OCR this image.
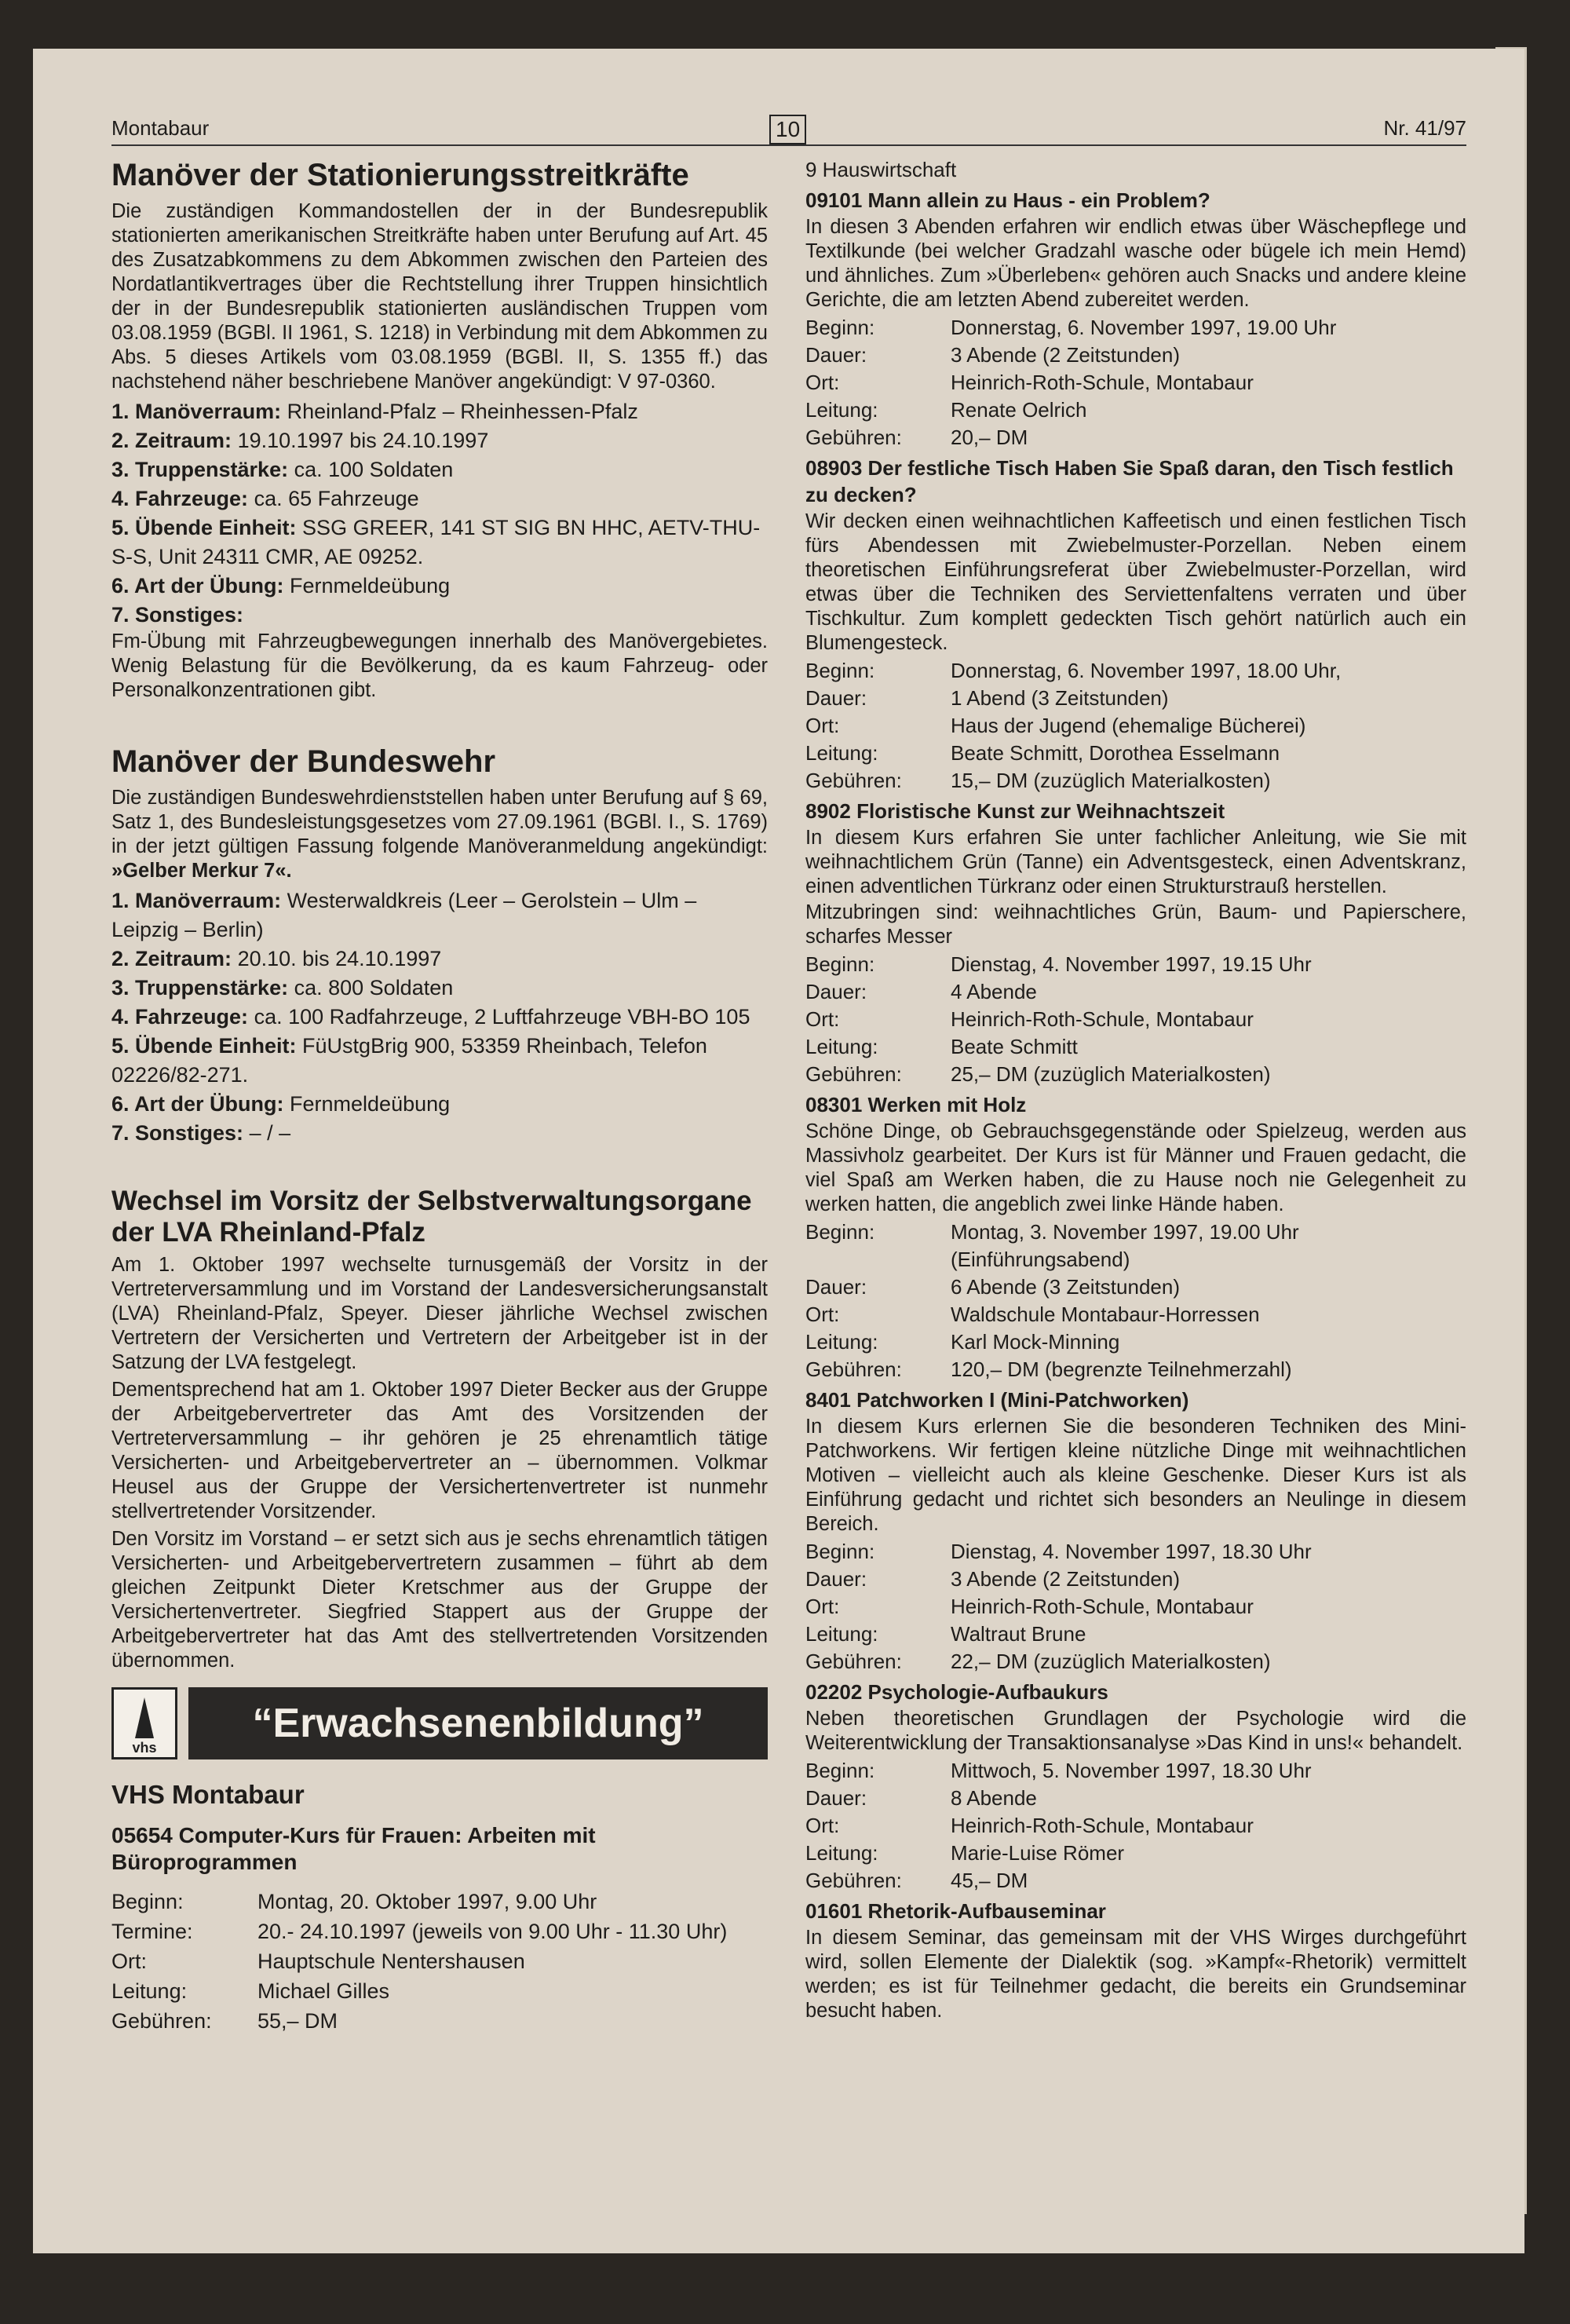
Montabaur	10	Nr. 41/97
Manöver der Stationierungsstreitkräfte
Die zuständigen Kommandostellen der in der Bundesrepublik stationierten amerikanischen Streitkräfte haben unter Berufung auf Art. 45 des Zusatzabkommens zu dem Abkommen zwischen den Parteien des Nordatlantikvertrages über die Rechtstellung ihrer Truppen hinsichtlich der in der Bundesrepublik stationierten ausländischen Truppen vom 03.08.1959 (BGBl. II 1961, S. 1218) in Verbindung mit dem Abkommen zu Abs. 5 dieses Artikels vom 03.08.1959 (BGBl. II, S. 1355 ff.) das nachstehend näher beschriebene Manöver angekündigt: V 97-0360.
1. Manöverraum: Rheinland-Pfalz – Rheinhessen-Pfalz
2. Zeitraum: 19.10.1997 bis 24.10.1997
3. Truppenstärke: ca. 100 Soldaten
4. Fahrzeuge: ca. 65 Fahrzeuge
5. Übende Einheit: SSG GREER, 141 ST SIG BN HHC, AETV-THU-S-S, Unit 24311 CMR, AE 09252.
6. Art der Übung: Fernmeldeübung
7. Sonstiges:
Fm-Übung mit Fahrzeugbewegungen innerhalb des Manövergebietes. Wenig Belastung für die Bevölkerung, da es kaum Fahrzeug- oder Personalkonzentrationen gibt.
Manöver der Bundeswehr
Die zuständigen Bundeswehrdienststellen haben unter Berufung auf § 69, Satz 1, des Bundesleistungsgesetzes vom 27.09.1961 (BGBl. I., S. 1769) in der jetzt gültigen Fassung folgende Manöveranmeldung angekündigt: »Gelber Merkur 7«.
1. Manöverraum: Westerwaldkreis (Leer – Gerolstein – Ulm – Leipzig – Berlin)
2. Zeitraum: 20.10. bis 24.10.1997
3. Truppenstärke: ca. 800 Soldaten
4. Fahrzeuge: ca. 100 Radfahrzeuge, 2 Luftfahrzeuge VBH-BO 105
5. Übende Einheit: FüUstgBrig 900, 53359 Rheinbach, Telefon 02226/82-271.
6. Art der Übung: Fernmeldeübung
7. Sonstiges: – / –
Wechsel im Vorsitz der Selbstverwaltungsorgane der LVA Rheinland-Pfalz
Am 1. Oktober 1997 wechselte turnusgemäß der Vorsitz in der Vertreterversammlung und im Vorstand der Landesversicherungsanstalt (LVA) Rheinland-Pfalz, Speyer. Dieser jährliche Wechsel zwischen Vertretern der Versicherten und Vertretern der Arbeitgeber ist in der Satzung der LVA festgelegt.
Dementsprechend hat am 1. Oktober 1997 Dieter Becker aus der Gruppe der Arbeitgebervertreter das Amt des Vorsitzenden der Vertreterversammlung – ihr gehören je 25 ehrenamtlich tätige Versicherten- und Arbeitgebervertreter an – übernommen. Volkmar Heusel aus der Gruppe der Versichertenvertreter ist nunmehr stellvertretender Vorsitzender.
Den Vorsitz im Vorstand – er setzt sich aus je sechs ehrenamtlich tätigen Versicherten- und Arbeitgebervertretern zusammen – führt ab dem gleichen Zeitpunkt Dieter Kretschmer aus der Gruppe der Versichertenvertreter. Siegfried Stappert aus der Gruppe der Arbeitgebervertreter hat das Amt des stellvertretenden Vorsitzenden übernommen.
vhs
“Erwachsenenbildung”
VHS Montabaur
05654 Computer-Kurs für Frauen: Arbeiten mit Büroprogrammen
Beginn:	Montag, 20. Oktober 1997, 9.00 Uhr
Termine:	20.- 24.10.1997 (jeweils von 9.00 Uhr - 11.30 Uhr)
Ort:	Hauptschule Nentershausen
Leitung:	Michael Gilles
Gebühren:	55,– DM
9 Hauswirtschaft
09101 Mann allein zu Haus - ein Problem?
In diesen 3 Abenden erfahren wir endlich etwas über Wäschepflege und Textilkunde (bei welcher Gradzahl wasche oder bügele ich mein Hemd) und ähnliches. Zum »Überleben« gehören auch Snacks und andere kleine Gerichte, die am letzten Abend zubereitet werden.
Beginn:	Donnerstag, 6. November 1997, 19.00 Uhr
Dauer:	3 Abende (2 Zeitstunden)
Ort:	Heinrich-Roth-Schule, Montabaur
Leitung:	Renate Oelrich
Gebühren:	20,– DM
08903 Der festliche Tisch Haben Sie Spaß daran, den Tisch festlich zu decken?
Wir decken einen weihnachtlichen Kaffeetisch und einen festlichen Tisch fürs Abendessen mit Zwiebelmuster-Porzellan. Neben einem theoretischen Einführungsreferat über Zwiebelmuster-Porzellan, wird etwas über die Techniken des Serviettenfaltens verraten und über Tischkultur. Zum komplett gedeckten Tisch gehört natürlich auch ein Blumengesteck.
Beginn:	Donnerstag, 6. November 1997, 18.00 Uhr,
Dauer:	1 Abend (3 Zeitstunden)
Ort:	Haus der Jugend (ehemalige Bücherei)
Leitung:	Beate Schmitt, Dorothea Esselmann
Gebühren:	15,– DM (zuzüglich Materialkosten)
8902 Floristische Kunst zur Weihnachtszeit
In diesem Kurs erfahren Sie unter fachlicher Anleitung, wie Sie mit weihnachtlichem Grün (Tanne) ein Adventsgesteck, einen Adventskranz, einen adventlichen Türkranz oder einen Strukturstrauß herstellen.
Mitzubringen sind: weihnachtliches Grün, Baum- und Papierschere, scharfes Messer
Beginn:	Dienstag, 4. November 1997, 19.15 Uhr
Dauer:	4 Abende
Ort:	Heinrich-Roth-Schule, Montabaur
Leitung:	Beate Schmitt
Gebühren:	25,– DM (zuzüglich Materialkosten)
08301 Werken mit Holz
Schöne Dinge, ob Gebrauchsgegenstände oder Spielzeug, werden aus Massivholz gearbeitet. Der Kurs ist für Männer und Frauen gedacht, die viel Spaß am Werken haben, die zu Hause noch nie Gelegenheit zu werken hatten, die angeblich zwei linke Hände haben.
Beginn:	Montag, 3. November 1997, 19.00 Uhr
(Einführungsabend)
Dauer:	6 Abende (3 Zeitstunden)
Ort:	Waldschule Montabaur-Horressen
Leitung:	Karl Mock-Minning
Gebühren:	120,– DM (begrenzte Teilnehmerzahl)
8401 Patchworken I (Mini-Patchworken)
In diesem Kurs erlernen Sie die besonderen Techniken des Mini-Patchworkens. Wir fertigen kleine nützliche Dinge mit weihnachtlichen Motiven – vielleicht auch als kleine Geschenke. Dieser Kurs ist als Einführung gedacht und richtet sich besonders an Neulinge in diesem Bereich.
Beginn:	Dienstag, 4. November 1997, 18.30 Uhr
Dauer:	3 Abende (2 Zeitstunden)
Ort:	Heinrich-Roth-Schule, Montabaur
Leitung:	Waltraut Brune
Gebühren:	22,– DM (zuzüglich Materialkosten)
02202 Psychologie-Aufbaukurs
Neben theoretischen Grundlagen der Psychologie wird die Weiterentwicklung der Transaktionsanalyse »Das Kind in uns!« behandelt.
Beginn:	Mittwoch, 5. November 1997, 18.30 Uhr
Dauer:	8 Abende
Ort:	Heinrich-Roth-Schule, Montabaur
Leitung:	Marie-Luise Römer
Gebühren:	45,– DM
01601 Rhetorik-Aufbauseminar
In diesem Seminar, das gemeinsam mit der VHS Wirges durchgeführt wird, sollen Elemente der Dialektik (sog. »Kampf«-Rhetorik) vermittelt werden; es ist für Teilnehmer gedacht, die bereits ein Grundseminar besucht haben.
